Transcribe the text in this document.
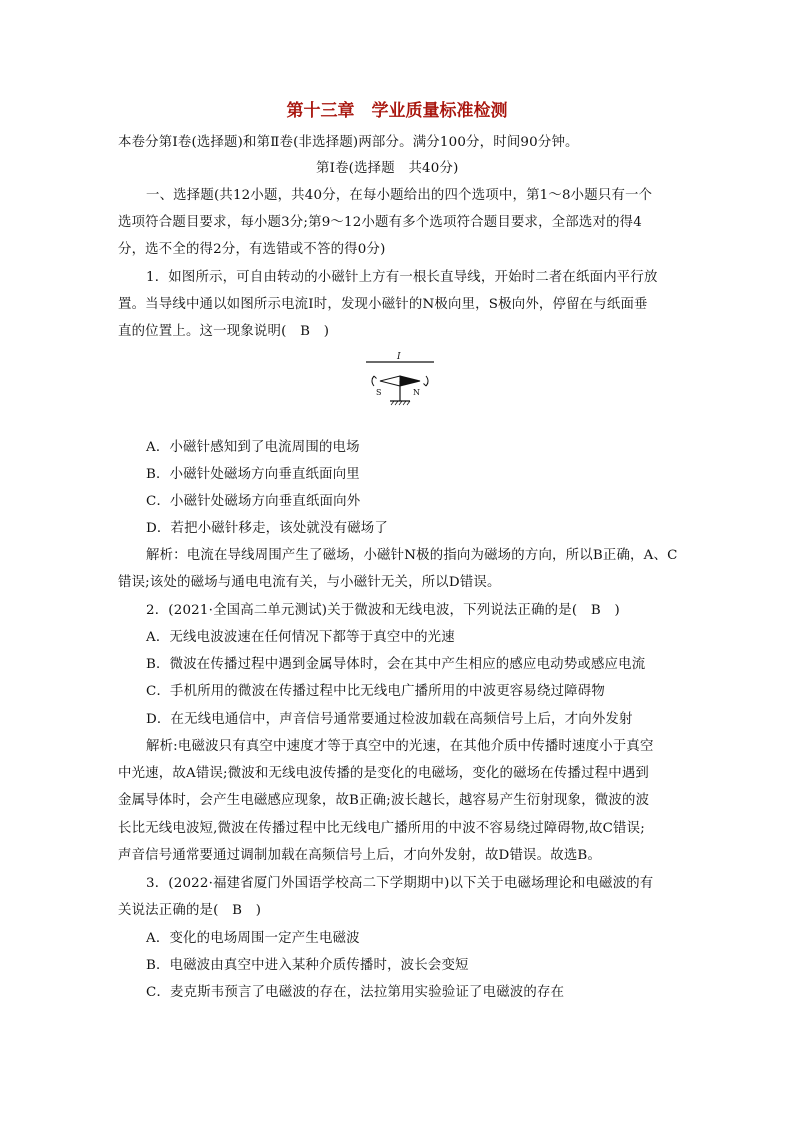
第十三章　学业质量标准检测
本卷分第Ⅰ卷(选择题)和第Ⅱ卷(非选择题)两部分。满分100分，时间90分钟。
第Ⅰ卷(选择题　共40分)
一、选择题(共12小题，共40分，在每小题给出的四个选项中，第1～8小题只有一个
选项符合题目要求，每小题3分;第9～12小题有多个选项符合题目要求，全部选对的得4
分，选不全的得2分，有选错或不答的得0分)
1．如图所示，可自由转动的小磁针上方有一根长直导线，开始时二者在纸面内平行放
置。当导线中通以如图所示电流I时，发现小磁针的N极向里，S极向外，停留在与纸面垂
直的位置上。这一现象说明(　B　)
I
S	N
A．小磁针感知到了电流周围的电场
B．小磁针处磁场方向垂直纸面向里
C．小磁针处磁场方向垂直纸面向外
D．若把小磁针移走，该处就没有磁场了
解析：电流在导线周围产生了磁场，小磁针N极的指向为磁场的方向，所以B正确，A、C
错误;该处的磁场与通电电流有关，与小磁针无关，所以D错误。
2．(2021·全国高二单元测试)关于微波和无线电波，下列说法正确的是(　B　)
A．无线电波波速在任何情况下都等于真空中的光速
B．微波在传播过程中遇到金属导体时，会在其中产生相应的感应电动势或感应电流
C．手机所用的微波在传播过程中比无线电广播所用的中波更容易绕过障碍物
D．在无线电通信中，声音信号通常要通过检波加载在高频信号上后，才向外发射
解析:电磁波只有真空中速度才等于真空中的光速，在其他介质中传播时速度小于真空
中光速，故A错误;微波和无线电波传播的是变化的电磁场，变化的磁场在传播过程中遇到
金属导体时，会产生电磁感应现象，故B正确;波长越长，越容易产生衍射现象，微波的波
长比无线电波短,微波在传播过程中比无线电广播所用的中波不容易绕过障碍物,故C错误;
声音信号通常要通过调制加载在高频信号上后，才向外发射，故D错误。故选B。
3．(2022·福建省厦门外国语学校高二下学期期中)以下关于电磁场理论和电磁波的有
关说法正确的是(　B　)
A．变化的电场周围一定产生电磁波
B．电磁波由真空中进入某种介质传播时，波长会变短
C．麦克斯韦预言了电磁波的存在，法拉第用实验验证了电磁波的存在
